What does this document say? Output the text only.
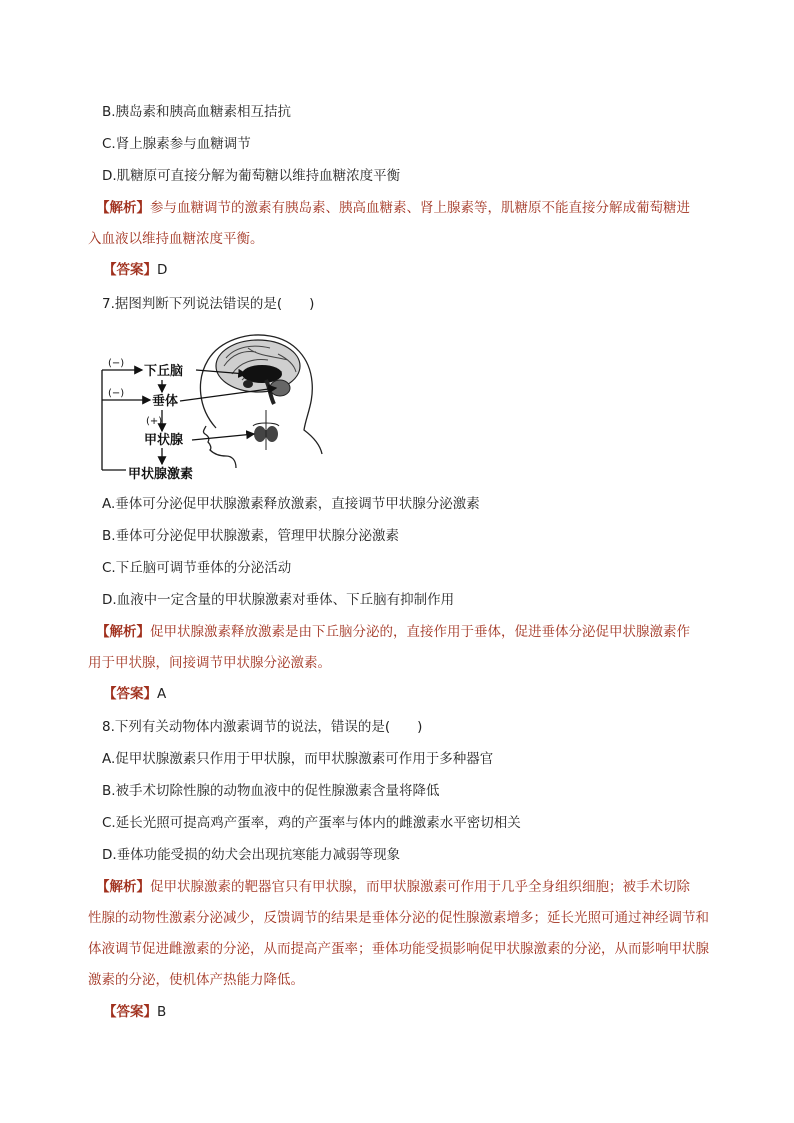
B.胰岛素和胰高血糖素相互拮抗
C.肾上腺素参与血糖调节
D.肌糖原可直接分解为葡萄糖以维持血糖浓度平衡
【解析】参与血糖调节的激素有胰岛素、胰高血糖素、肾上腺素等，肌糖原不能直接分解成葡萄糖进
入血液以维持血糖浓度平衡。
【答案】D
7.据图判断下列说法错误的是(　　)
下丘脑
垂体
甲状腺
甲状腺激素
(−)
(−)
(+)
A.垂体可分泌促甲状腺激素释放激素，直接调节甲状腺分泌激素
B.垂体可分泌促甲状腺激素，管理甲状腺分泌激素
C.下丘脑可调节垂体的分泌活动
D.血液中一定含量的甲状腺激素对垂体、下丘脑有抑制作用
【解析】促甲状腺激素释放激素是由下丘脑分泌的，直接作用于垂体，促进垂体分泌促甲状腺激素作
用于甲状腺，间接调节甲状腺分泌激素。
【答案】A
8.下列有关动物体内激素调节的说法，错误的是(　　)
A.促甲状腺激素只作用于甲状腺，而甲状腺激素可作用于多种器官
B.被手术切除性腺的动物血液中的促性腺激素含量将降低
C.延长光照可提高鸡产蛋率，鸡的产蛋率与体内的雌激素水平密切相关
D.垂体功能受损的幼犬会出现抗寒能力减弱等现象
【解析】促甲状腺激素的靶器官只有甲状腺，而甲状腺激素可作用于几乎全身组织细胞；被手术切除
性腺的动物性激素分泌减少，反馈调节的结果是垂体分泌的促性腺激素增多；延长光照可通过神经调节和
体液调节促进雌激素的分泌，从而提高产蛋率；垂体功能受损影响促甲状腺激素的分泌，从而影响甲状腺
激素的分泌，使机体产热能力降低。
【答案】B
